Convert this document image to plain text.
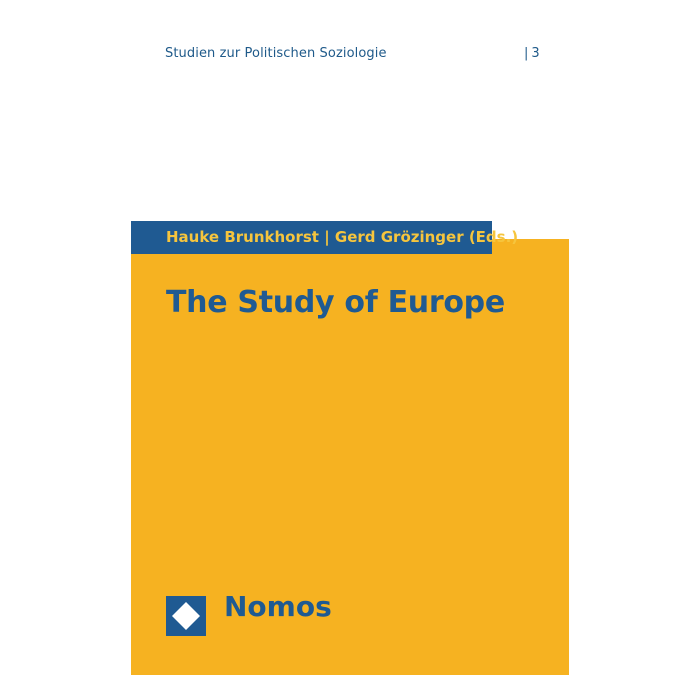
Studien zur Politischen Soziologie	| 3
Hauke Brunkhorst | Gerd Grözinger (Eds.)
The Study of Europe
Nomos
